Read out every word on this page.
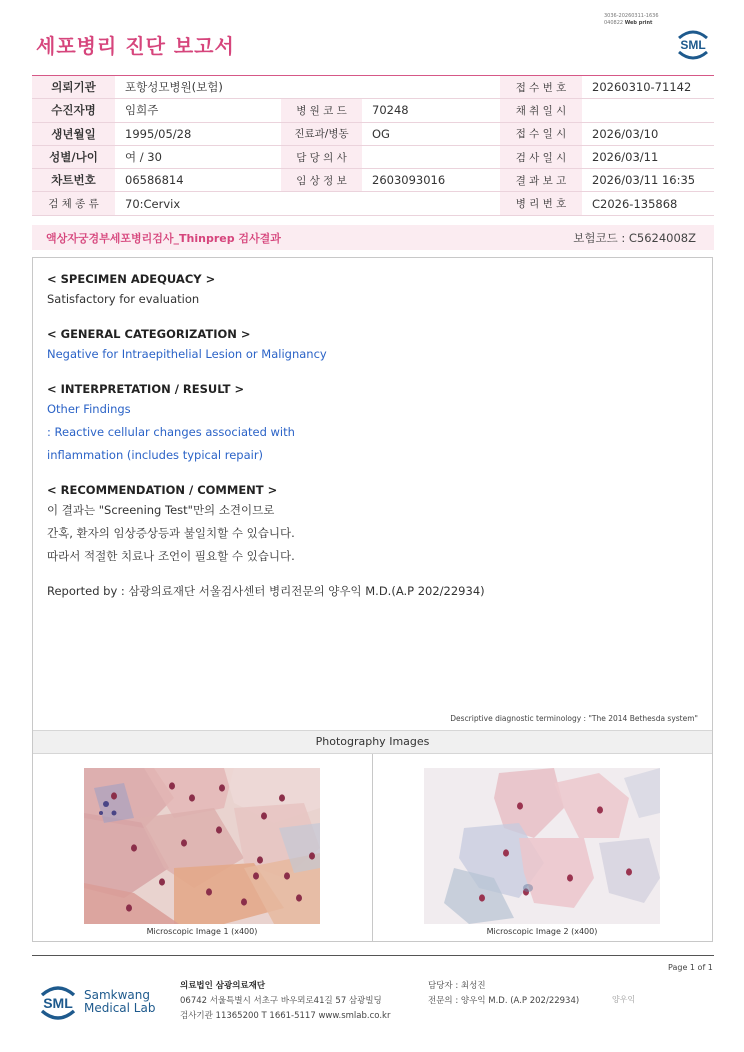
3036-20260311-1636
040822 Web print
세포병리 진단 보고서	SML
의뢰기관	포항성모병원(보험)			접 수 번 호	20260310-71142
수진자명	임희주	병 원 코 드	70248	채 취 일 시	
생년월일	1995/05/28	진료과/병동	OG	접 수 일 시	2026/03/10
성별/나이	여 / 30	담 당 의 사		검 사 일 시	2026/03/11
차트번호	06586814	임 상 정 보	2603093016	결 과 보 고	2026/03/11 16:35
검 체 종 류	70:Cervix			병 리 번 호	C2026-135868
액상자궁경부세포병리검사_Thinprep 검사결과	보험코드 : C5624008Z
< SPECIMEN ADEQUACY >
Satisfactory for evaluation
< GENERAL CATEGORIZATION >
Negative for Intraepithelial Lesion or Malignancy
< INTERPRETATION / RESULT >
Other Findings
: Reactive cellular changes associated with
inflammation (includes typical repair)
< RECOMMENDATION / COMMENT >
이 결과는 "Screening Test"만의 소견이므로
간혹, 환자의 임상증상등과 불일치할 수 있습니다.
따라서 적절한 치료나 조언이 필요할 수 있습니다.
Reported by : 삼광의료재단 서울검사센터 병리전문의 양우익 M.D.(A.P 202/22934)
Descriptive diagnostic terminology : "The 2014 Bethesda system"
Photography Images
Microscopic Image 1 (x400)	Microscopic Image 2 (x400)
Page 1 of 1
SML Samkwang
Medical Lab
의료법인 삼광의료재단
06742 서울특별시 서초구 바우뫼로41길 57 삼광빌딩
검사기관 11365200 T 1661-5117 www.smlab.co.kr
담당자 : 최성진
전문의 : 양우익 M.D. (A.P 202/22934)	양우익
